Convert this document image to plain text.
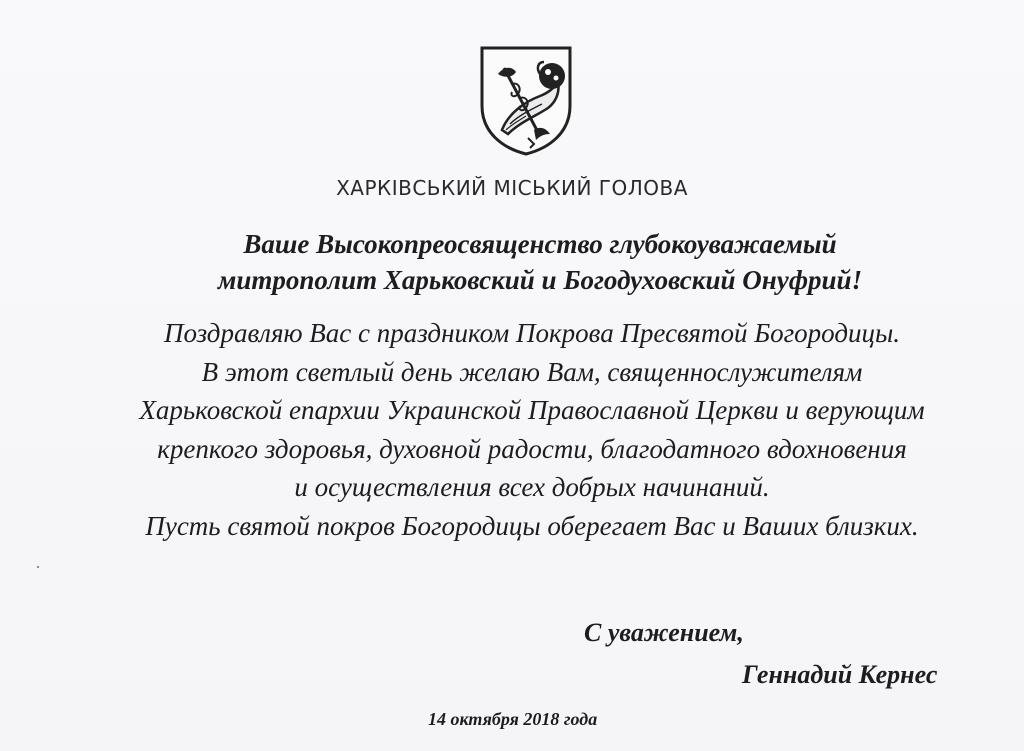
ХАРКІВСЬКИЙ МІСЬКИЙ ГОЛОВА
Ваше Высокопреосвященство глубокоуважаемый
митрополит Харьковский и Богодуховский Онуфрий!
Поздравляю Вас с праздником Покрова Пресвятой Богородицы.
В этот светлый день желаю Вам, священнослужителям
Харьковской епархии Украинской Православной Церкви и верующим
крепкого здоровья, духовной радости, благодатного вдохновения
и осуществления всех добрых начинаний.
Пусть святой покров Богородицы оберегает Вас и Ваших близких.
С уважением,
Геннадий Кернес
14 октября 2018 года
